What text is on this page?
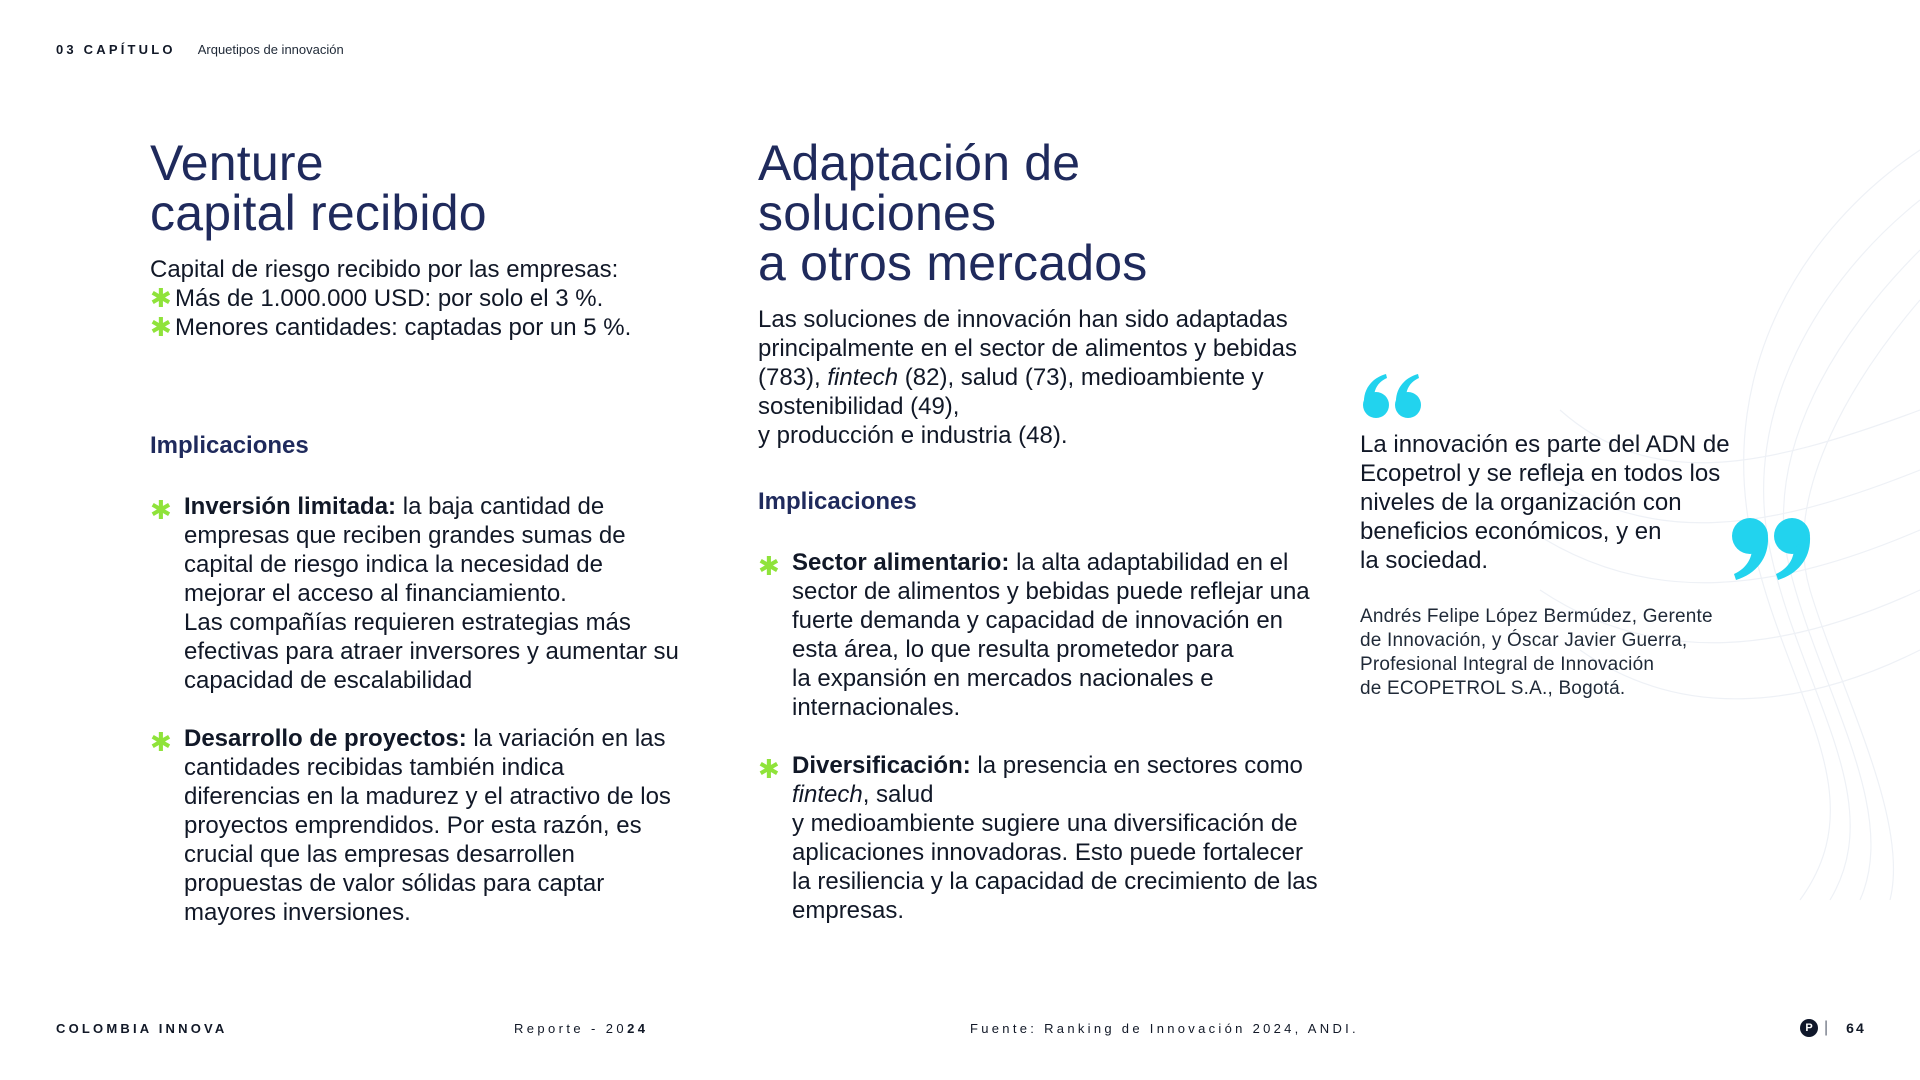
03 CAPÍTULO Arquetipos de innovación
Venture
capital recibido

Capital de riesgo recibido por las empresas:

✱ Más de 1.000.000 USD: por solo el 3 %.
✱ Menores cantidades: captadas por un 5 %.
Implicaciones
✱ Inversión limitada: la baja cantidad de empresas que reciben grandes sumas de capital de riesgo indica la necesidad de mejorar el acceso al financiamiento.
Las compañías requieren estrategias más efectivas para atraer inversores y aumentar su capacidad de escalabilidad
✱ Desarrollo de proyectos: la variación en las cantidades recibidas también indica diferencias en la madurez y el atractivo de los proyectos emprendidos. Por esta razón, es crucial que las empresas desarrollen propuestas de valor sólidas para captar mayores inversiones.
Adaptación de soluciones
a otros mercados

Las soluciones de innovación han sido adaptadas principalmente en el sector de alimentos y bebidas (783), fintech (82), salud (73), medioambiente y sostenibilidad (49),

y producción e industria (48).

Implicaciones
✱ Sector alimentario: la alta adaptabilidad en el sector de alimentos y bebidas puede reflejar una fuerte demanda y capacidad de innovación en esta área, lo que resulta prometedor para
la expansión en mercados nacionales e internacionales.
✱ Diversificación: la presencia en sectores como fintech, salud
y medioambiente sugiere una diversificación de aplicaciones innovadoras. Esto puede fortalecer la resiliencia y la capacidad de crecimiento de las empresas.
La innovación es parte del ADN de
Ecopetrol y se refleja en todos los
niveles de la organización con
beneficios económicos, y en
la sociedad.
Andrés Felipe López Bermúdez, Gerente
de Innovación, y Óscar Javier Guerra,
Profesional Integral de Innovación
de ECOPETROL S.A., Bogotá.
COLOMBIA INNOVA	Reporte - 2024	Fuente: Ranking de Innovación 2024, ANDI.	P | 64
